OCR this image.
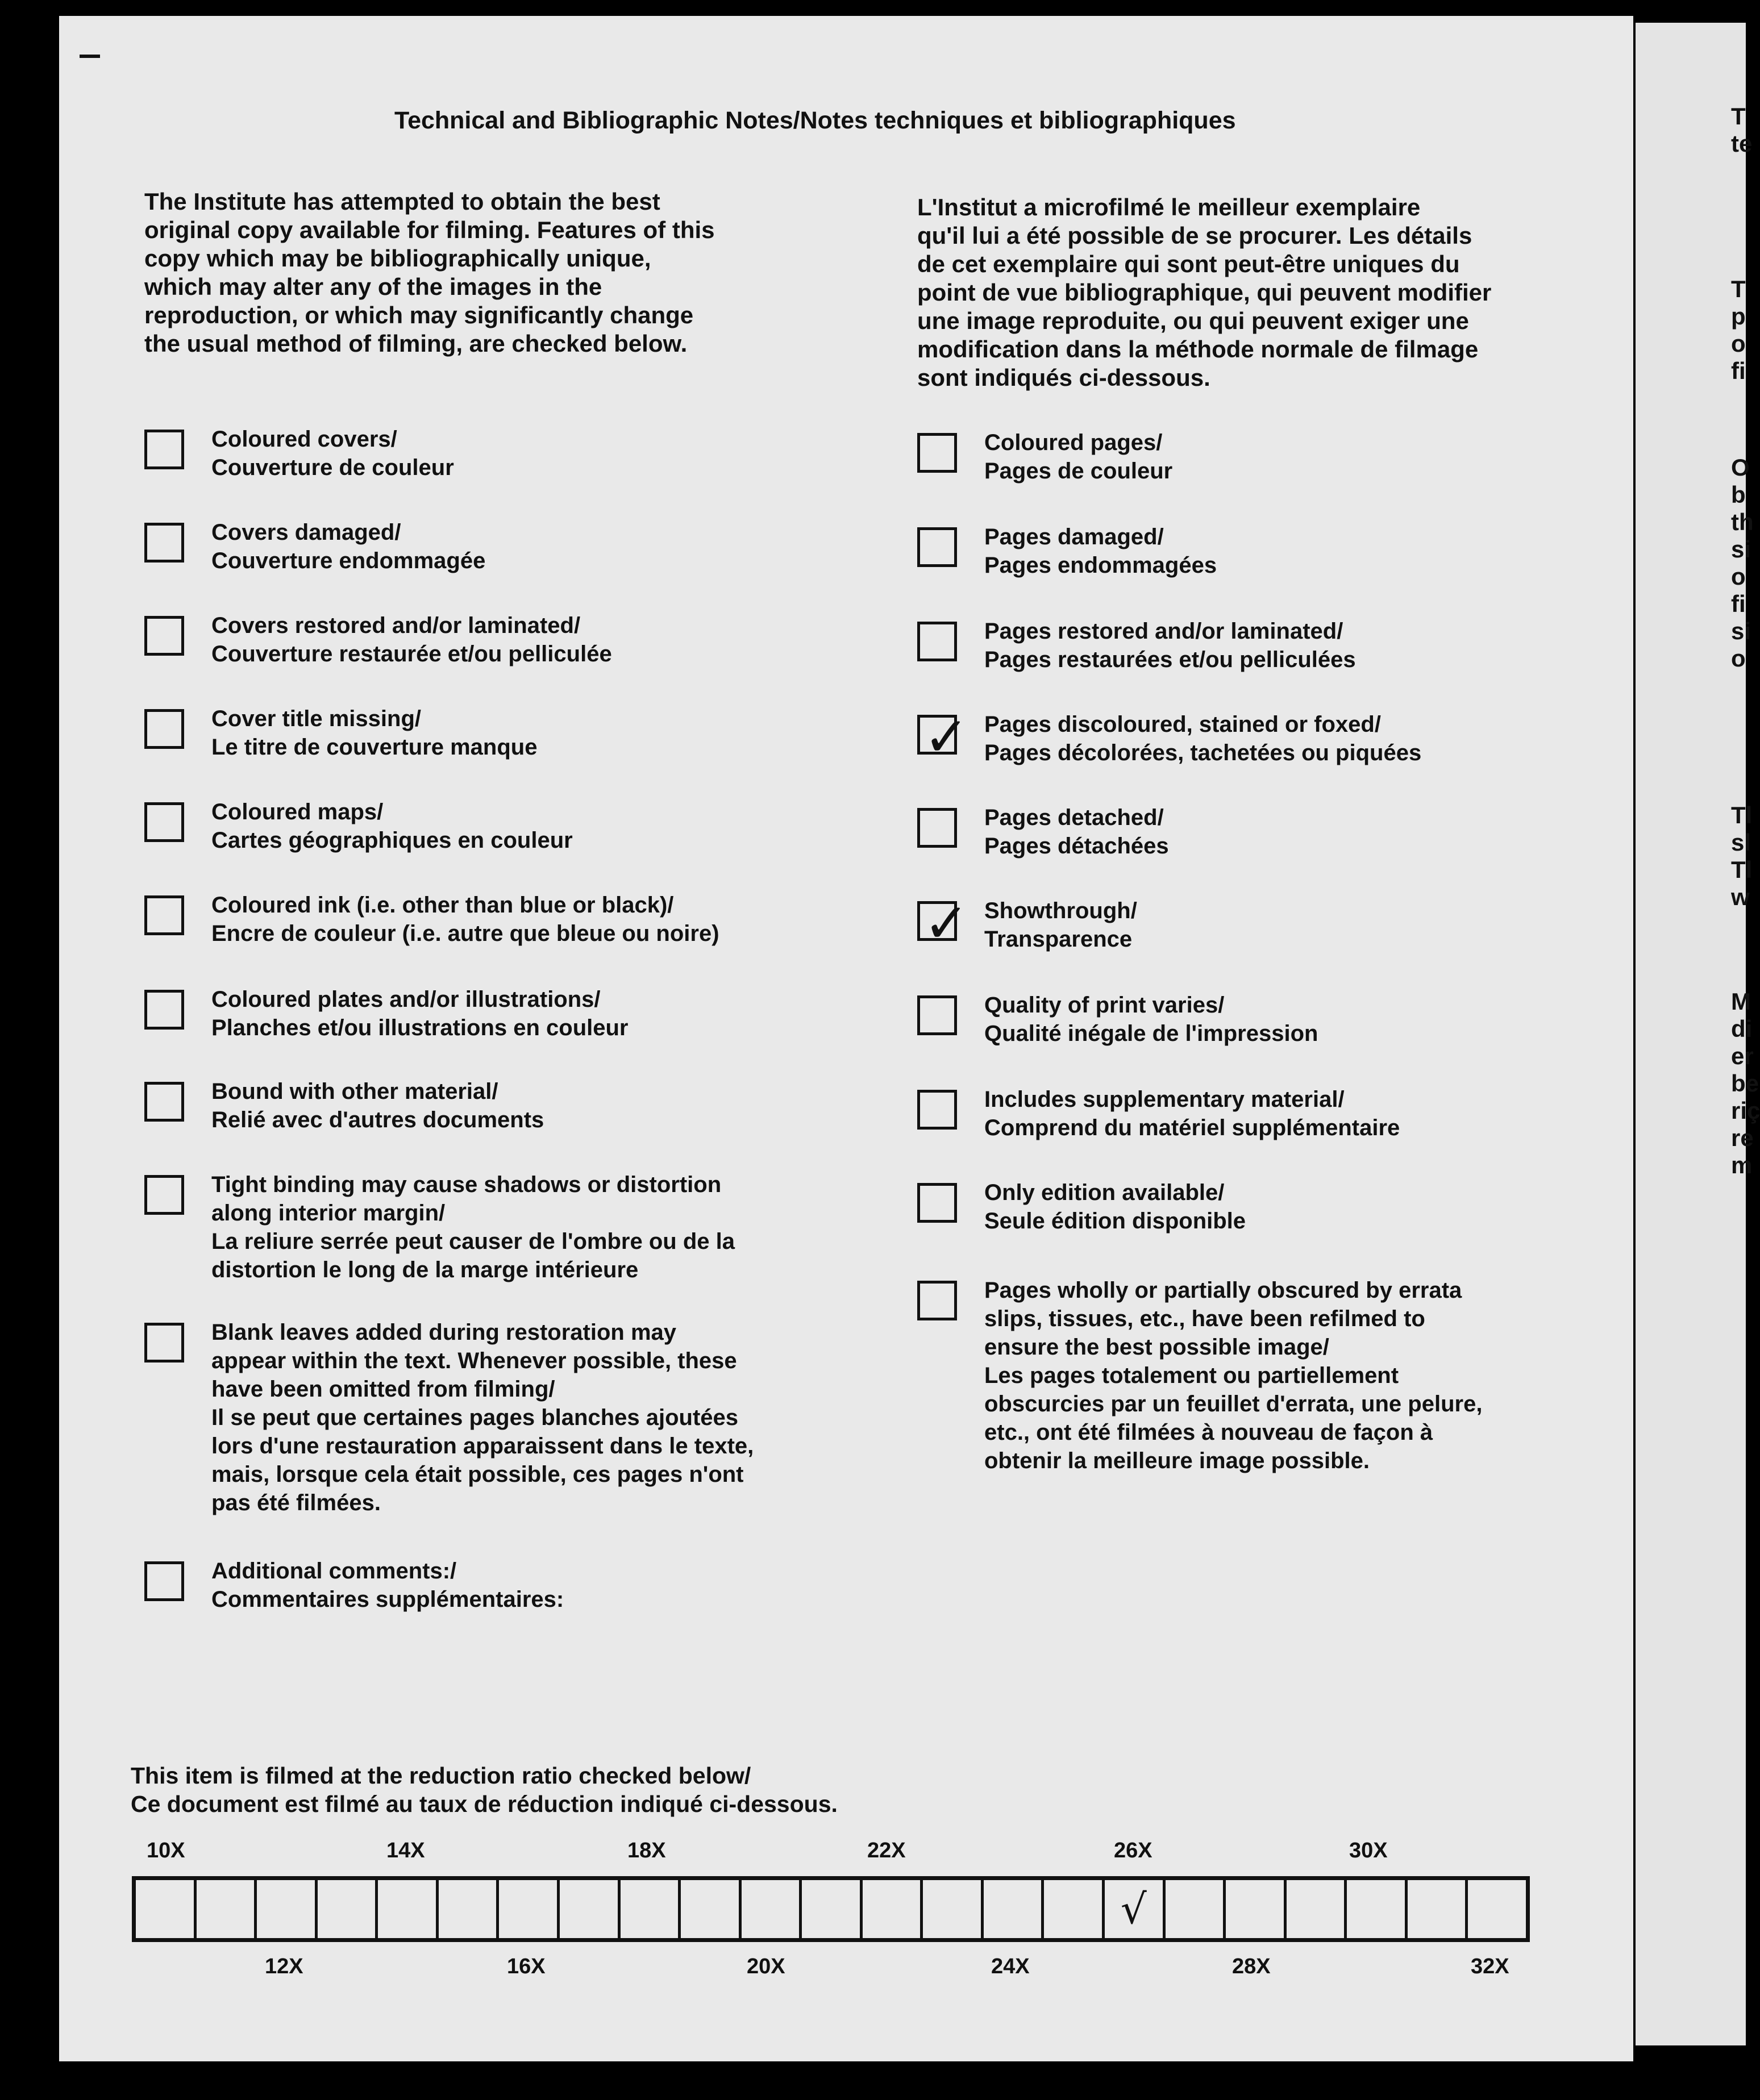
Technical and Bibliographic Notes/Notes techniques et bibliographiques
The Institute has attempted to obtain the best
original copy available for filming. Features of this
copy which may be bibliographically unique,
which may alter any of the images in the
reproduction, or which may significantly change
the usual method of filming, are checked below.
L'Institut a microfilmé le meilleur exemplaire
qu'il lui a été possible de se procurer. Les détails
de cet exemplaire qui sont peut-être uniques du
point de vue bibliographique, qui peuvent modifier
une image reproduite, ou qui peuvent exiger une
modification dans la méthode normale de filmage
sont indiqués ci-dessous.
Coloured covers/
Couverture de couleur
Covers damaged/
Couverture endommagée
Covers restored and/or laminated/
Couverture restaurée et/ou pelliculée
Cover title missing/
Le titre de couverture manque
Coloured maps/
Cartes géographiques en couleur
Coloured ink (i.e. other than blue or black)/
Encre de couleur (i.e. autre que bleue ou noire)
Coloured plates and/or illustrations/
Planches et/ou illustrations en couleur
Bound with other material/
Relié avec d'autres documents
Tight binding may cause shadows or distortion
along interior margin/
La reliure serrée peut causer de l'ombre ou de la
distortion le long de la marge intérieure
Blank leaves added during restoration may
appear within the text. Whenever possible, these
have been omitted from filming/
Il se peut que certaines pages blanches ajoutées
lors d'une restauration apparaissent dans le texte,
mais, lorsque cela était possible, ces pages n'ont
pas été filmées.
Additional comments:/
Commentaires supplémentaires:
Coloured pages/
Pages de couleur
Pages damaged/
Pages endommagées
Pages restored and/or laminated/
Pages restaurées et/ou pelliculées
✓ Pages discoloured, stained or foxed/
Pages décolorées, tachetées ou piquées
Pages detached/
Pages détachées
✓ Showthrough/
Transparence
Quality of print varies/
Qualité inégale de l'impression
Includes supplementary material/
Comprend du matériel supplémentaire
Only edition available/
Seule édition disponible
Pages wholly or partially obscured by errata
slips, tissues, etc., have been refilmed to
ensure the best possible image/
Les pages totalement ou partiellement
obscurcies par un feuillet d'errata, une pelure,
etc., ont été filmées à nouveau de façon à
obtenir la meilleure image possible.
This item is filmed at the reduction ratio checked below/
Ce document est filmé au taux de réduction indiqué ci-dessous.
10X	14X	18X	22X	26X	30X
√
12X	16X	20X	24X	28X	32X
T
te
T
p
o
fi
O
b
th
si
o
fi
si
o
Tl
sl
Tl
w
M
di
er
be
riç
re
m
